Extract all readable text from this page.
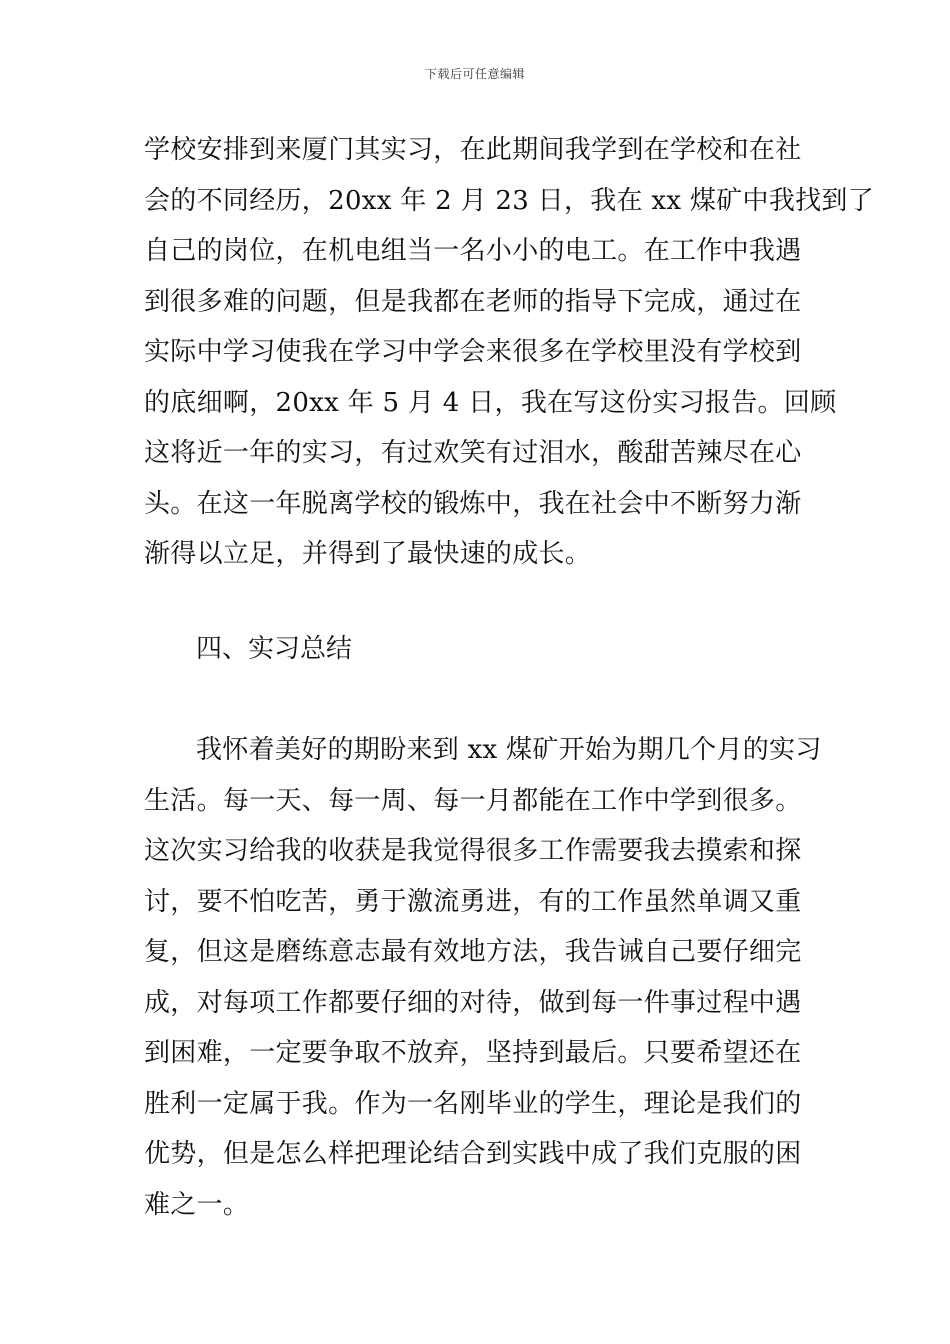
下载后可任意编辑
学校安排到来厦门其实习，在此期间我学到在学校和在社
会的不同经历，20xx 年 2 月 23 日，我在 xx 煤矿中我找到了
自己的岗位，在机电组当一名小小的电工。在工作中我遇
到很多难的问题，但是我都在老师的指导下完成，通过在
实际中学习使我在学习中学会来很多在学校里没有学校到
的底细啊，20xx 年 5 月 4 日，我在写这份实习报告。回顾
这将近一年的实习，有过欢笑有过泪水，酸甜苦辣尽在心
头。在这一年脱离学校的锻炼中，我在社会中不断努力渐
渐得以立足，并得到了最快速的成长。
四、实习总结
我怀着美好的期盼来到 xx 煤矿开始为期几个月的实习
生活。每一天、每一周、每一月都能在工作中学到很多。
这次实习给我的收获是我觉得很多工作需要我去摸索和探
讨，要不怕吃苦，勇于激流勇进，有的工作虽然单调又重
复，但这是磨练意志最有效地方法，我告诫自己要仔细完
成，对每项工作都要仔细的对待，做到每一件事过程中遇
到困难，一定要争取不放弃，坚持到最后。只要希望还在
胜利一定属于我。作为一名刚毕业的学生，理论是我们的
优势，但是怎么样把理论结合到实践中成了我们克服的困
难之一。
